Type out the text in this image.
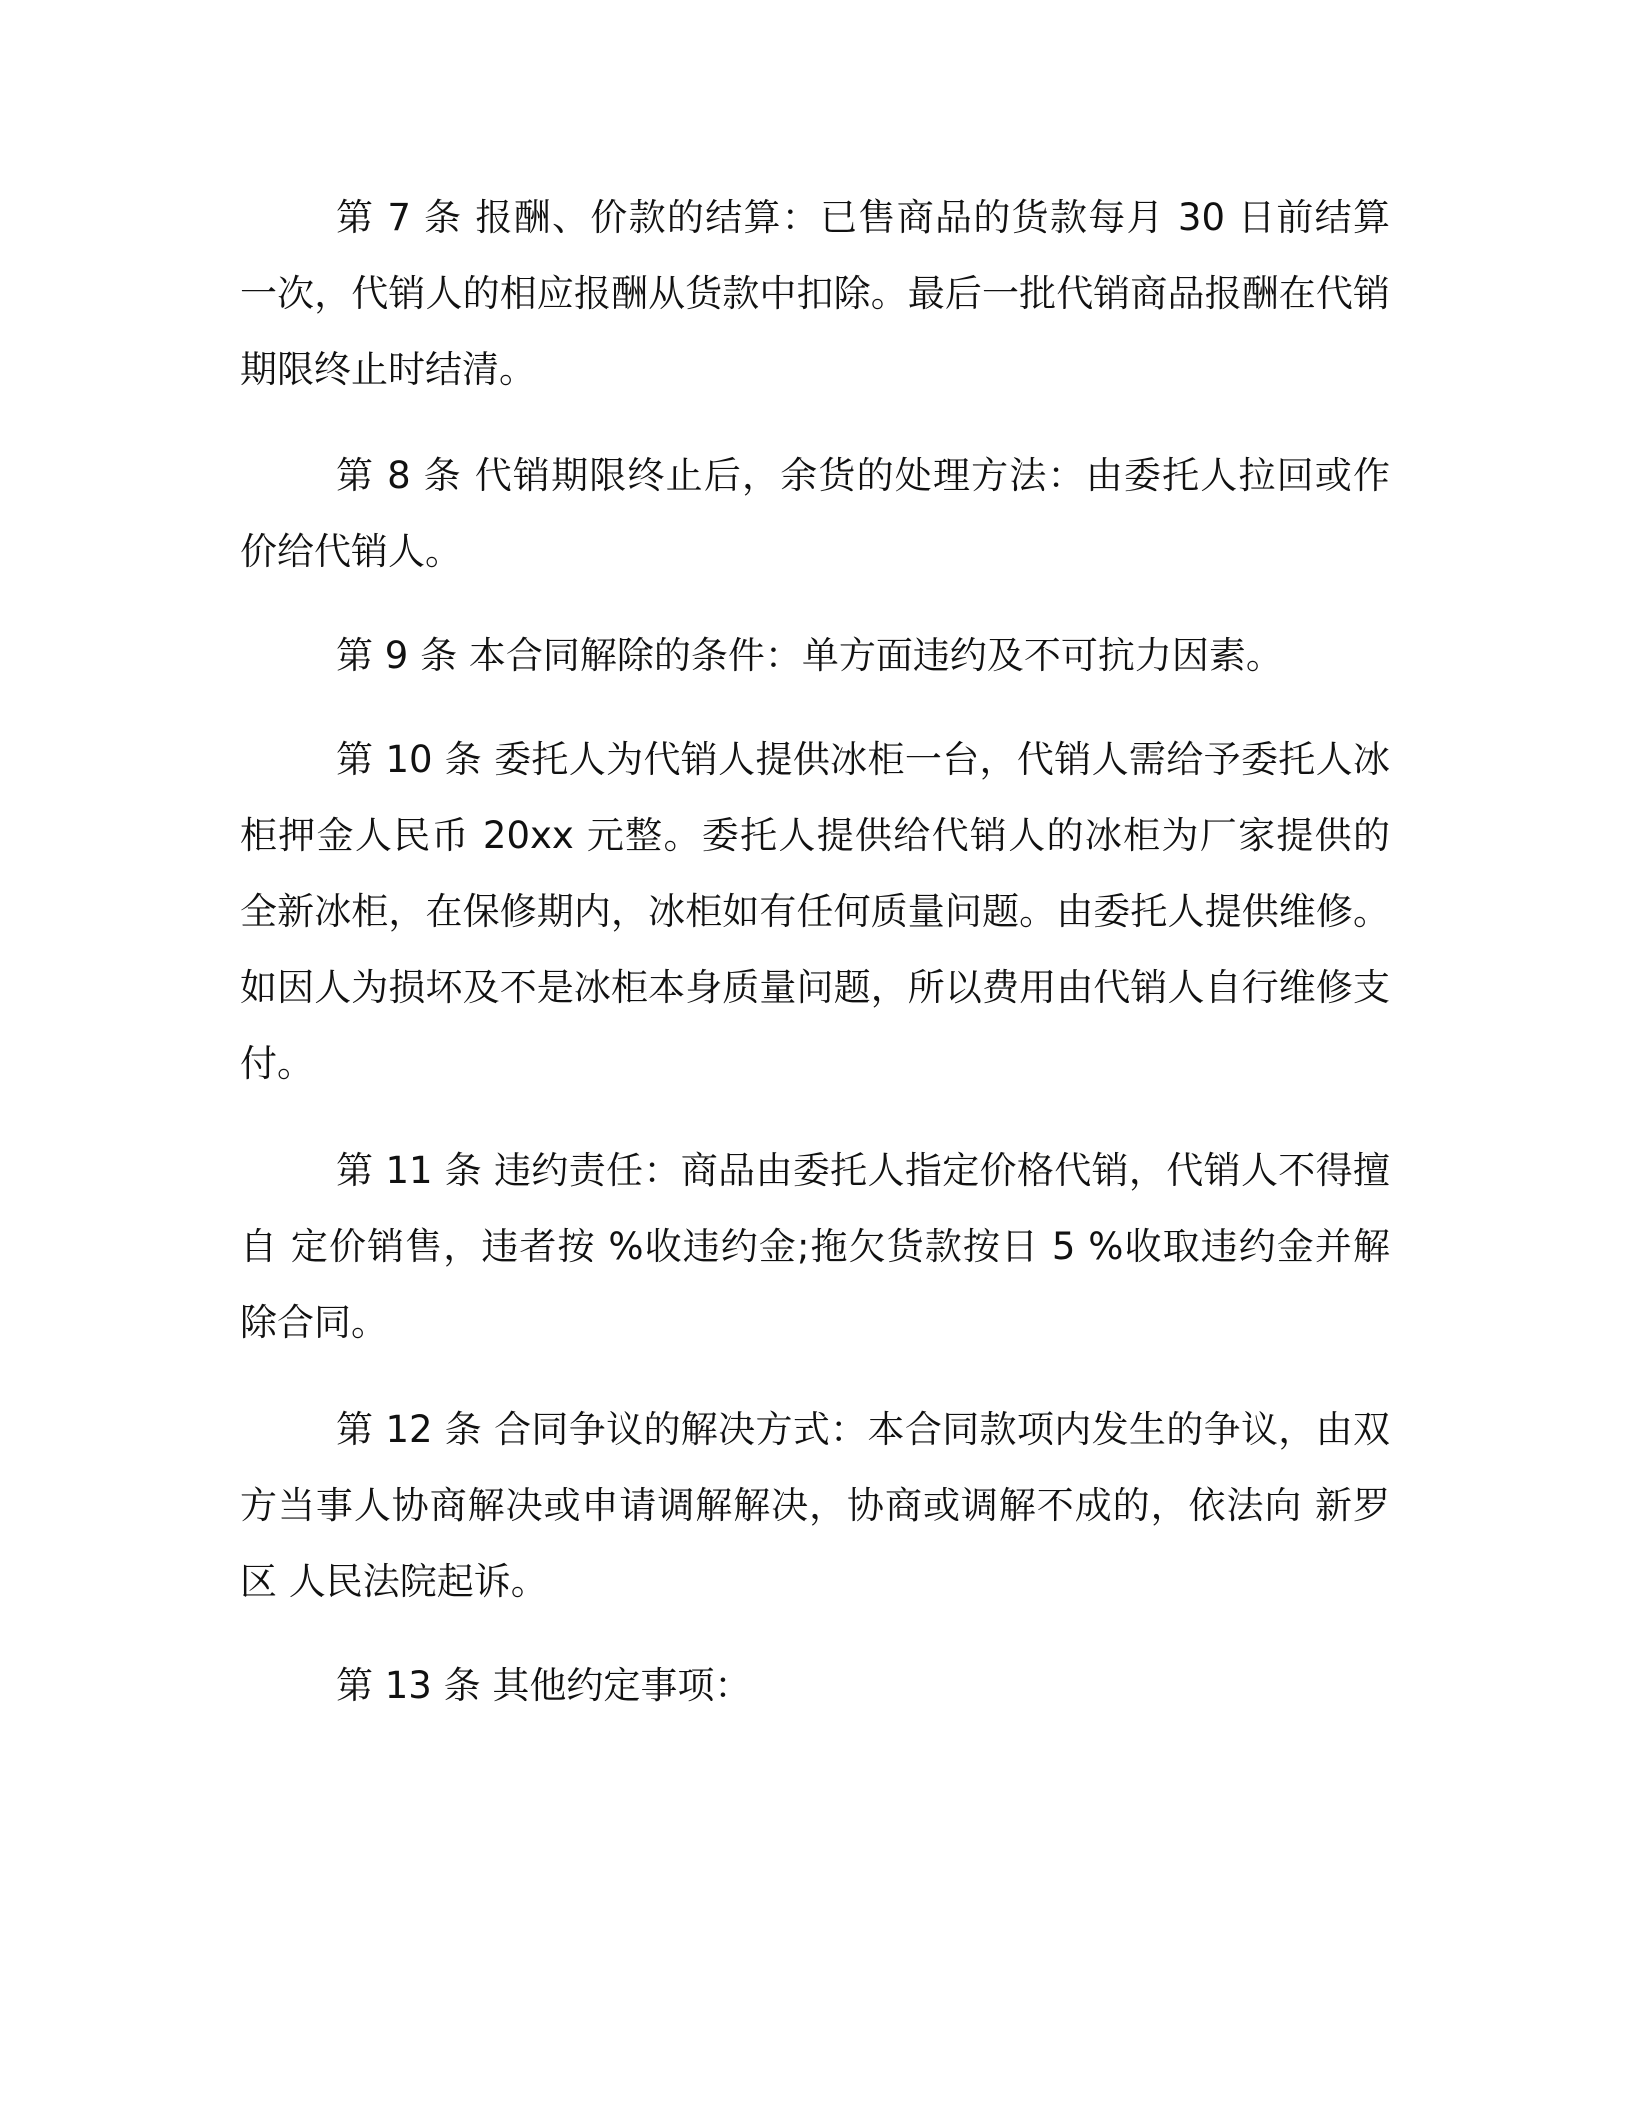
第 7 条 报酬、价款的结算：已售商品的货款每月 30 日前结算一次，代销人的相应报酬从货款中扣除。最后一批代销商品报酬在代销期限终止时结清。

第 8 条 代销期限终止后，余货的处理方法：由委托人拉回或作价给代销人。

第 9 条 本合同解除的条件：单方面违约及不可抗力因素。

第 10 条 委托人为代销人提供冰柜一台，代销人需给予委托人冰柜押金人民币 20xx 元整。委托人提供给代销人的冰柜为厂家提供的全新冰柜，在保修期内，冰柜如有任何质量问题。由委托人提供维修。如因人为损坏及不是冰柜本身质量问题，所以费用由代销人自行维修支付。

第 11 条 违约责任：商品由委托人指定价格代销，代销人不得擅自 定价销售，违者按 %收违约金;拖欠货款按日 5 %收取违约金并解除合同。

第 12 条 合同争议的解决方式：本合同款项内发生的争议，由双方当事人协商解决或申请调解解决，协商或调解不成的，依法向 新罗区 人民法院起诉。

第 13 条 其他约定事项：
